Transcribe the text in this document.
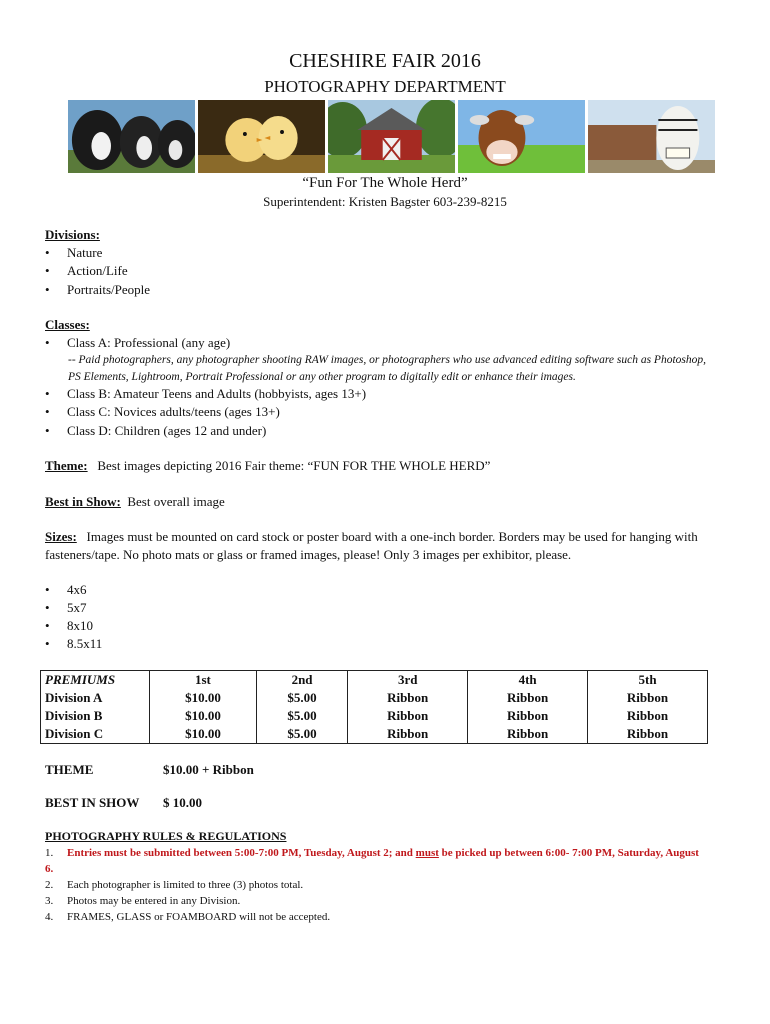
CHESHIRE FAIR 2016
PHOTOGRAPHY DEPARTMENT
“Fun For The Whole Herd”
Superintendent: Kristen Bagster 603-239-8215
Divisions:
• Nature
• Action/Life
• Portraits/People
Classes:
• Class A: Professional (any age)
-- Paid photographers, any photographer shooting RAW images, or photographers who use advanced editing software such as Photoshop, PS Elements, Lightroom, Portrait Professional or any other program to digitally edit or enhance their images.
• Class B: Amateur Teens and Adults (hobbyists, ages 13+)
• Class C: Novices adults/teens (ages 13+)
• Class D: Children (ages 12 and under)
Theme: Best images depicting 2016 Fair theme: “FUN FOR THE WHOLE HERD”
Best in Show: Best overall image
Sizes: Images must be mounted on card stock or poster board with a one-inch border. Borders may be used for hanging with fasteners/tape. No photo mats or glass or framed images, please! Only 3 images per exhibitor, please.
• 4x6
• 5x7
• 8x10
• 8.5x11
PREMIUMS	1st	2nd	3rd	4th	5th
Division A	$10.00	$5.00	Ribbon	Ribbon	Ribbon
Division B	$10.00	$5.00	Ribbon	Ribbon	Ribbon
Division C	$10.00	$5.00	Ribbon	Ribbon	Ribbon
THEME	$10.00 + Ribbon
BEST IN SHOW $ 10.00
PHOTOGRAPHY RULES & REGULATIONS
1. Entries must be submitted between 5:00-7:00 PM, Tuesday, August 2; and must be picked up between 6:00- 7:00 PM, Saturday, August 6.
2. Each photographer is limited to three (3) photos total.
3. Photos may be entered in any Division.
4. FRAMES, GLASS or FOAMBOARD will not be accepted.
